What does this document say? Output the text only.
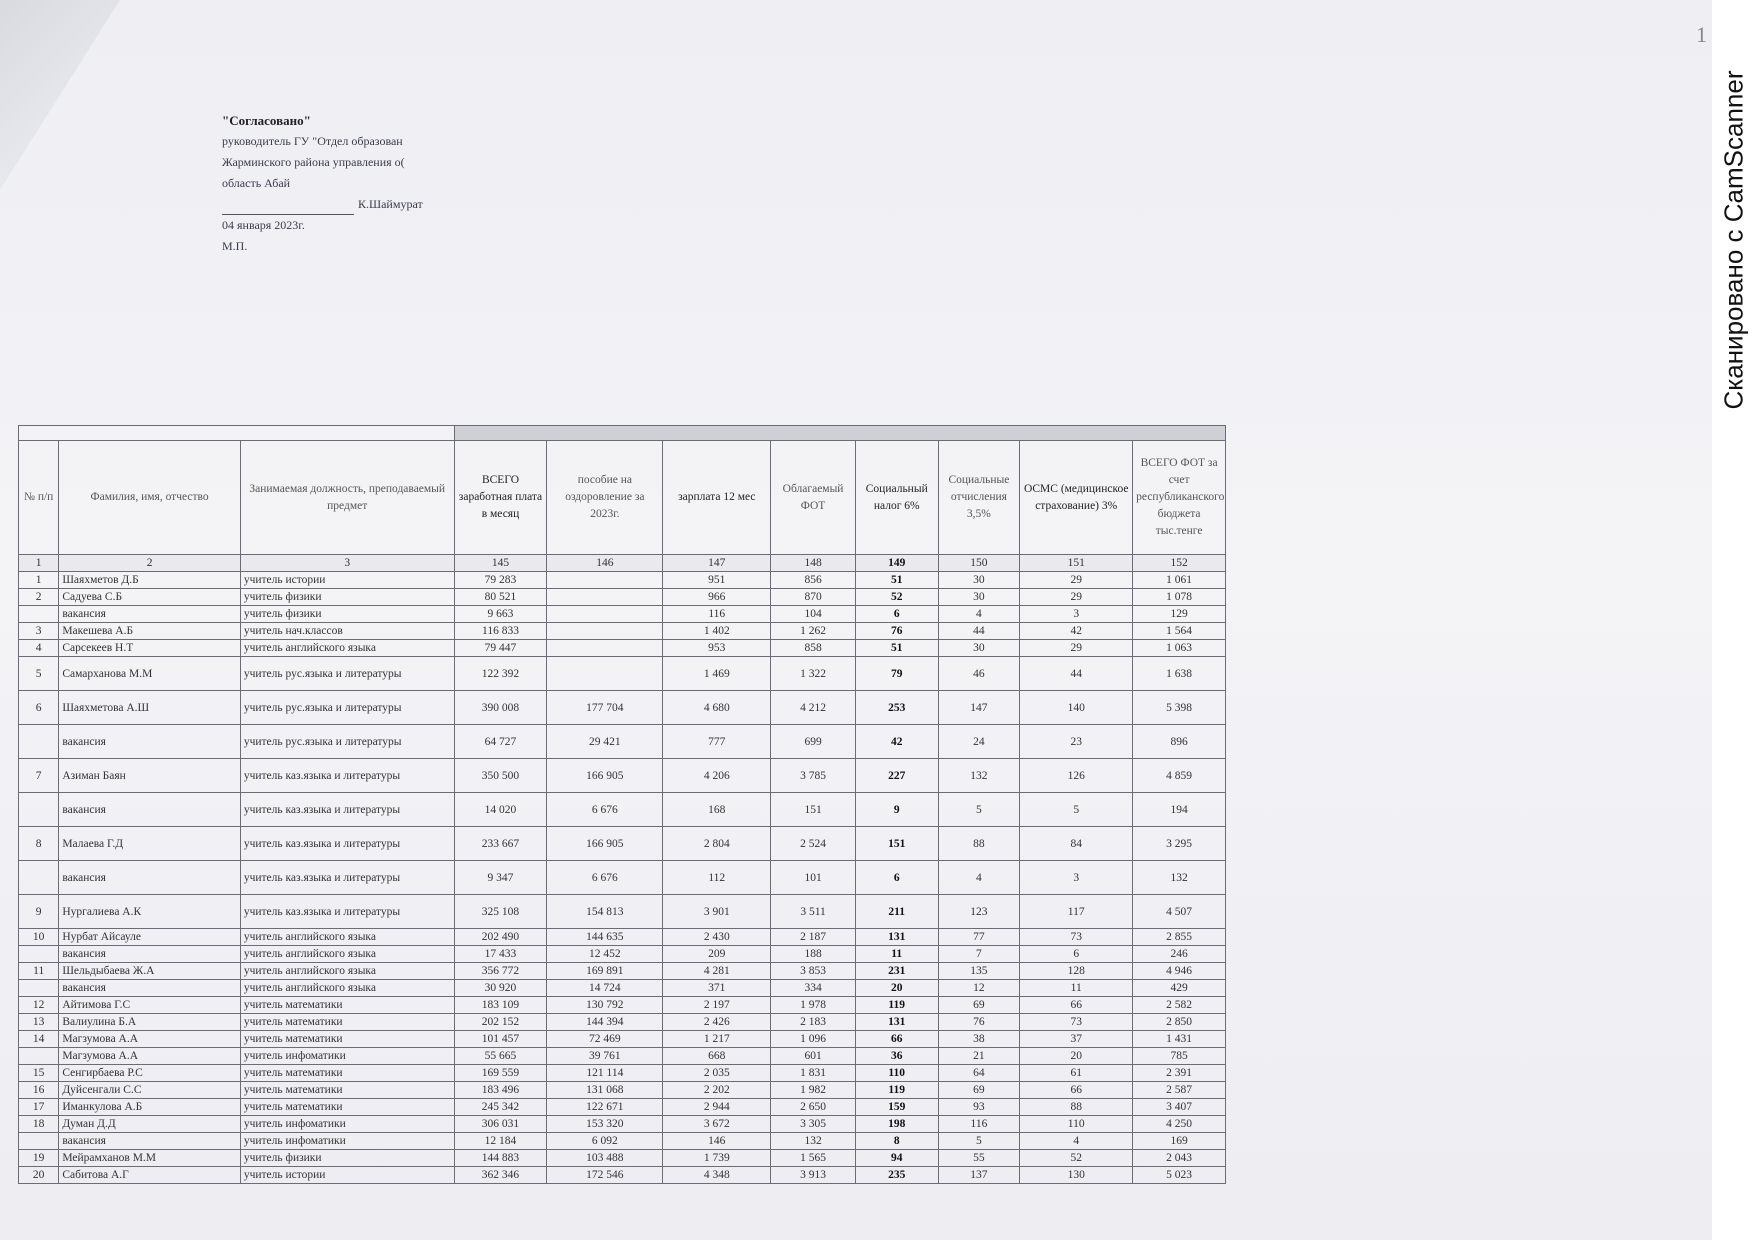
"Согласовано"
руководитель ГУ "Отдел образован
Жарминского района управления о(
область Абай
К.Шаймурат
04 января 2023г.
М.П.
1

№ п/п	Фамилия, имя, отчество	Занимаемая должность, преподаваемый предмет	ВСЕГО заработная плата в месяц	пособие на оздоровление за 2023г.	зарплата 12 мес	Облагаемый ФОТ	Социальный налог 6%	Социальные отчисления 3,5%	ОСМС (медицинское страхование) 3%	ВСЕГО ФОТ за счет республиканского бюджета тыс.тенге
1	2	3	145	146	147	148	149	150	151	152
1	Шаяхметов Д.Б	учитель истории	79 283		951	856	51	30	29	1 061
2	Садуева С.Б	учитель физики	80 521		966	870	52	30	29	1 078
	вакансия	учитель физики	9 663		116	104	6	4	3	129
3	Макешева А.Б	учитель нач.классов	116 833		1 402	1 262	76	44	42	1 564
4	Сарсекеев Н.Т	учитель английского языка	79 447		953	858	51	30	29	1 063
5	Самарханова М.М	учитель рус.языка и литературы	122 392		1 469	1 322	79	46	44	1 638
6	Шаяхметова А.Ш	учитель рус.языка и литературы	390 008	177 704	4 680	4 212	253	147	140	5 398
	вакансия	учитель рус.языка и литературы	64 727	29 421	777	699	42	24	23	896
7	Азиман Баян	учитель каз.языка и литературы	350 500	166 905	4 206	3 785	227	132	126	4 859
	вакансия	учитель каз.языка и литературы	14 020	6 676	168	151	9	5	5	194
8	Малаева Г.Д	учитель каз.языка и литературы	233 667	166 905	2 804	2 524	151	88	84	3 295
	вакансия	учитель каз.языка и литературы	9 347	6 676	112	101	6	4	3	132
9	Нургалиева А.К	учитель каз.языка и литературы	325 108	154 813	3 901	3 511	211	123	117	4 507
10	Нурбат Айсауле	учитель английского языка	202 490	144 635	2 430	2 187	131	77	73	2 855
	вакансия	учитель английского языка	17 433	12 452	209	188	11	7	6	246
11	Шельдыбаева Ж.А	учитель английского языка	356 772	169 891	4 281	3 853	231	135	128	4 946
	вакансия	учитель английского языка	30 920	14 724	371	334	20	12	11	429
12	Айтимова Г.С	учитель математики	183 109	130 792	2 197	1 978	119	69	66	2 582
13	Валиулина Б.А	учитель математики	202 152	144 394	2 426	2 183	131	76	73	2 850
14	Магзумова А.А	учитель математики	101 457	72 469	1 217	1 096	66	38	37	1 431
	Магзумова А.А	учитель инфоматики	55 665	39 761	668	601	36	21	20	785
15	Сенгирбаева Р.С	учитель математики	169 559	121 114	2 035	1 831	110	64	61	2 391
16	Дуйсенгали С.С	учитель математики	183 496	131 068	2 202	1 982	119	69	66	2 587
17	Иманкулова А.Б	учитель математики	245 342	122 671	2 944	2 650	159	93	88	3 407
18	Думан Д.Д	учитель инфоматики	306 031	153 320	3 672	3 305	198	116	110	4 250
	вакансия	учитель инфоматики	12 184	6 092	146	132	8	5	4	169
19	Мейрамханов М.М	учитель физики	144 883	103 488	1 739	1 565	94	55	52	2 043
20	Сабитова А.Г	учитель истории	362 346	172 546	4 348	3 913	235	137	130	5 023
Сканировано с CamScanner
